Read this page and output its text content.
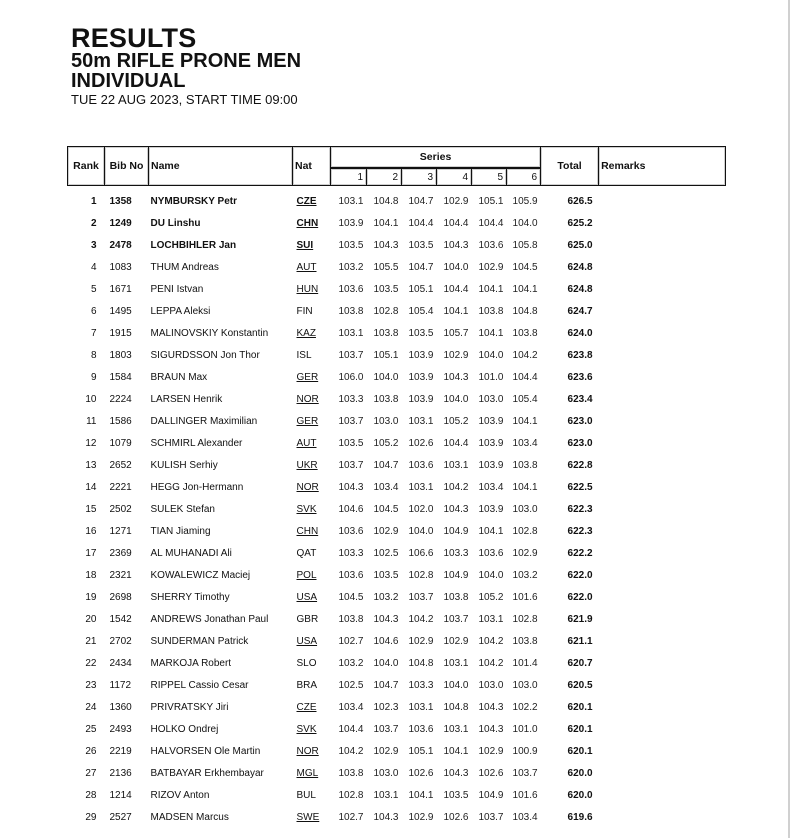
RESULTS
50m RIFLE PRONE MEN
INDIVIDUAL
TUE 22 AUG 2023, START TIME 09:00
Rank	Bib No	Name	Nat	Series						Total	Remarks
				1	2	3	4	5	6		
1	1358	NYMBURSKY Petr	CZE	103.1	104.8	104.7	102.9	105.1	105.9	626.5	
2	1249	DU Linshu	CHN	103.9	104.1	104.4	104.4	104.4	104.0	625.2	
3	2478	LOCHBIHLER Jan	SUI	103.5	104.3	103.5	104.3	103.6	105.8	625.0	
4	1083	THUM Andreas	AUT	103.2	105.5	104.7	104.0	102.9	104.5	624.8	
5	1671	PENI Istvan	HUN	103.6	103.5	105.1	104.4	104.1	104.1	624.8	
6	1495	LEPPA Aleksi	FIN	103.8	102.8	105.4	104.1	103.8	104.8	624.7	
7	1915	MALINOVSKIY Konstantin	KAZ	103.1	103.8	103.5	105.7	104.1	103.8	624.0	
8	1803	SIGURDSSON Jon Thor	ISL	103.7	105.1	103.9	102.9	104.0	104.2	623.8	
9	1584	BRAUN Max	GER	106.0	104.0	103.9	104.3	101.0	104.4	623.6	
10	2224	LARSEN Henrik	NOR	103.3	103.8	103.9	104.0	103.0	105.4	623.4	
11	1586	DALLINGER Maximilian	GER	103.7	103.0	103.1	105.2	103.9	104.1	623.0	
12	1079	SCHMIRL Alexander	AUT	103.5	105.2	102.6	104.4	103.9	103.4	623.0	
13	2652	KULISH Serhiy	UKR	103.7	104.7	103.6	103.1	103.9	103.8	622.8	
14	2221	HEGG Jon-Hermann	NOR	104.3	103.4	103.1	104.2	103.4	104.1	622.5	
15	2502	SULEK Stefan	SVK	104.6	104.5	102.0	104.3	103.9	103.0	622.3	
16	1271	TIAN Jiaming	CHN	103.6	102.9	104.0	104.9	104.1	102.8	622.3	
17	2369	AL MUHANADI Ali	QAT	103.3	102.5	106.6	103.3	103.6	102.9	622.2	
18	2321	KOWALEWICZ Maciej	POL	103.6	103.5	102.8	104.9	104.0	103.2	622.0	
19	2698	SHERRY Timothy	USA	104.5	103.2	103.7	103.8	105.2	101.6	622.0	
20	1542	ANDREWS Jonathan Paul	GBR	103.8	104.3	104.2	103.7	103.1	102.8	621.9	
21	2702	SUNDERMAN Patrick	USA	102.7	104.6	102.9	102.9	104.2	103.8	621.1	
22	2434	MARKOJA Robert	SLO	103.2	104.0	104.8	103.1	104.2	101.4	620.7	
23	1172	RIPPEL Cassio Cesar	BRA	102.5	104.7	103.3	104.0	103.0	103.0	620.5	
24	1360	PRIVRATSKY Jiri	CZE	103.4	102.3	103.1	104.8	104.3	102.2	620.1	
25	2493	HOLKO Ondrej	SVK	104.4	103.7	103.6	103.1	104.3	101.0	620.1	
26	2219	HALVORSEN Ole Martin	NOR	104.2	102.9	105.1	104.1	102.9	100.9	620.1	
27	2136	BATBAYAR Erkhembayar	MGL	103.8	103.0	102.6	104.3	102.6	103.7	620.0	
28	1214	RIZOV Anton	BUL	102.8	103.1	104.1	103.5	104.9	101.6	620.0	
29	2527	MADSEN Marcus	SWE	102.7	104.3	102.9	102.6	103.7	103.4	619.6	
